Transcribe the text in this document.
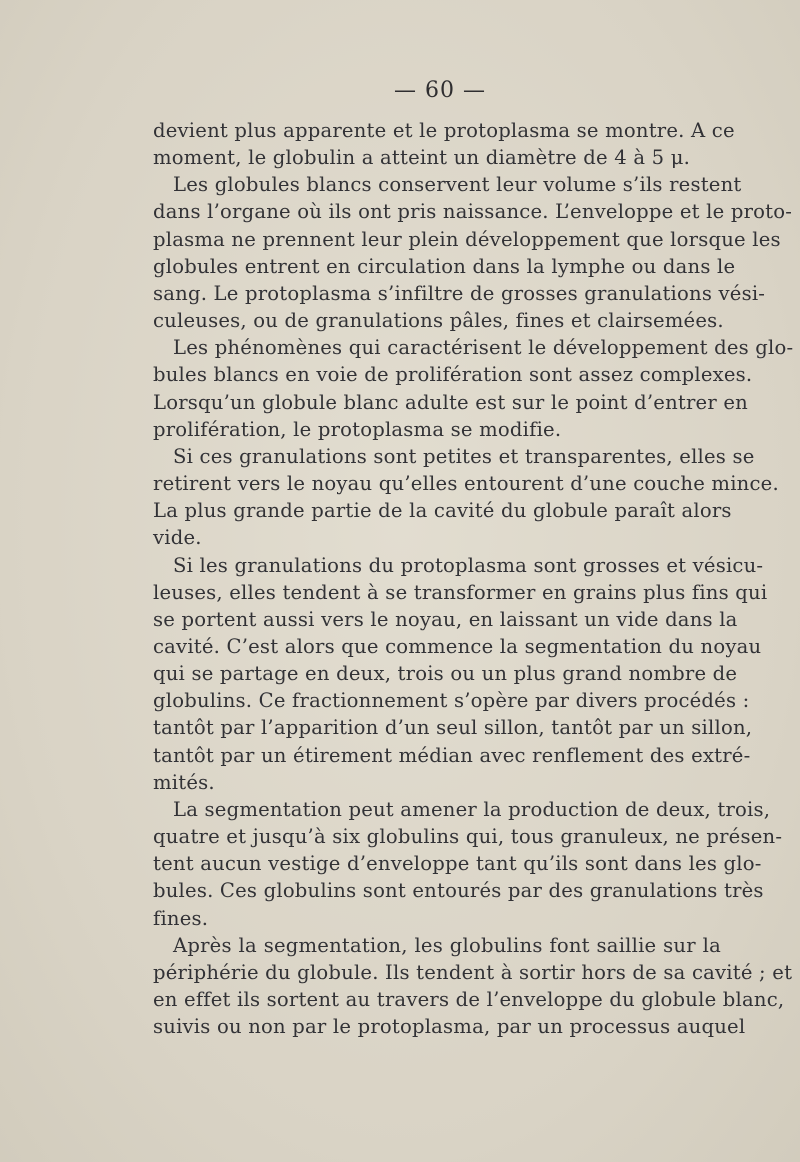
— 60 —

devient plus apparente et le protoplasma se montre. A ce
moment, le globulin a atteint un diamètre de 4 à 5 μ.

Les globules blancs conservent leur volume s’ils restent
dans l’organe où ils ont pris naissance. L’enveloppe et le proto-
plasma ne prennent leur plein développement que lorsque les
globules entrent en circulation dans la lymphe ou dans le
sang. Le protoplasma s’infiltre de grosses granulations vési-
culeuses, ou de granulations pâles, fines et clairsemées.

Les phénomènes qui caractérisent le développement des glo-
bules blancs en voie de prolifération sont assez complexes.
Lorsqu’un globule blanc adulte est sur le point d’entrer en
prolifération, le protoplasma se modifie.

Si ces granulations sont petites et transparentes, elles se
retirent vers le noyau qu’elles entourent d’une couche mince.
La plus grande partie de la cavité du globule paraît alors
vide.

Si les granulations du protoplasma sont grosses et vésicu-
leuses, elles tendent à se transformer en grains plus fins qui
se portent aussi vers le noyau, en laissant un vide dans la
cavité. C’est alors que commence la segmentation du noyau
qui se partage en deux, trois ou un plus grand nombre de
globulins. Ce fractionnement s’opère par divers procédés :
tantôt par l’apparition d’un seul sillon, tantôt par un sillon,
tantôt par un étirement médian avec renflement des extré-
mités.

La segmentation peut amener la production de deux, trois,
quatre et jusqu’à six globulins qui, tous granuleux, ne présen-
tent aucun vestige d’enveloppe tant qu’ils sont dans les glo-
bules. Ces globulins sont entourés par des granulations très
fines.

Après la segmentation, les globulins font saillie sur la
périphérie du globule. Ils tendent à sortir hors de sa cavité ; et
en effet ils sortent au travers de l’enveloppe du globule blanc,
suivis ou non par le protoplasma, par un processus auquel
